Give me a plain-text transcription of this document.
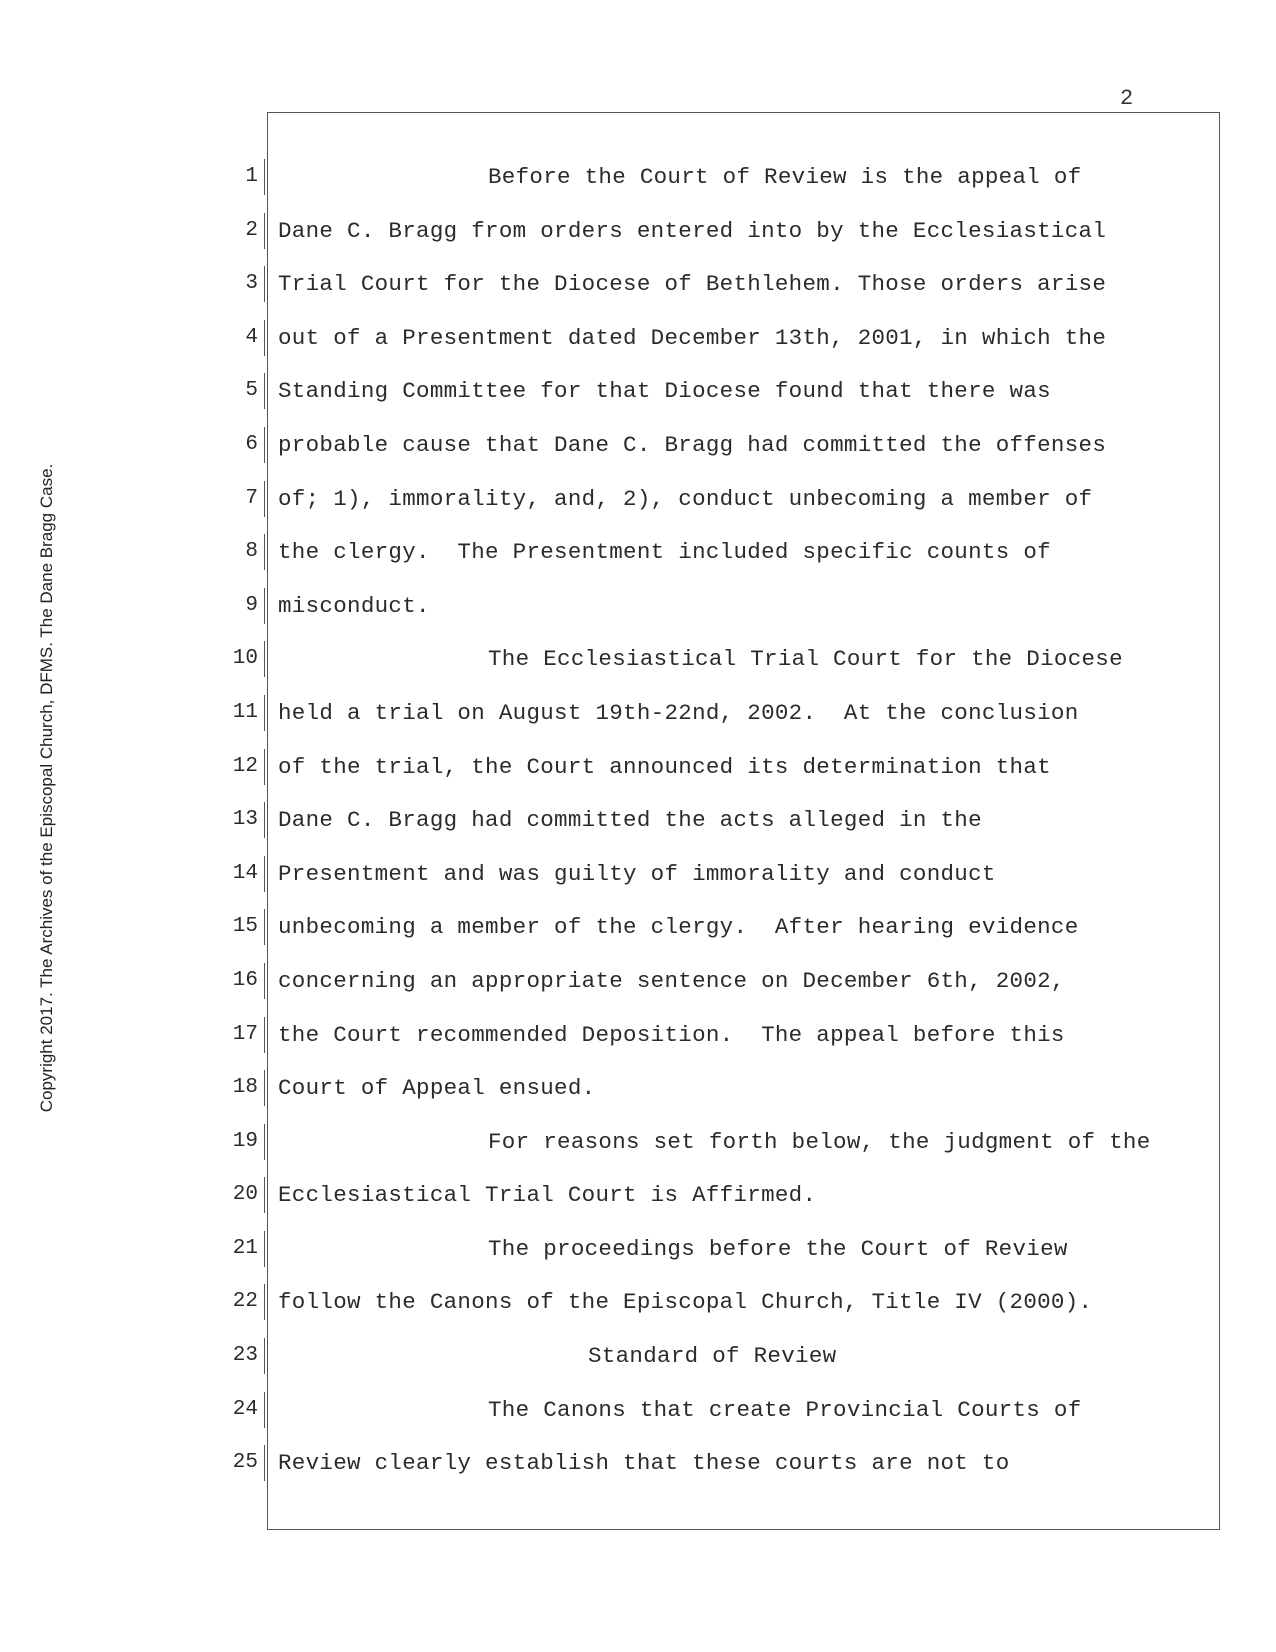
2
Copyright 2017. The Archives of the Episcopal Church, DFMS. The Dane Bragg Case.
1
2
3
4
5
6
7
8
9
10
11
12
13
14
15
16
17
18
19
20
21
22
23
24
25
Before the Court of Review is the appeal of
Dane C. Bragg from orders entered into by the Ecclesiastical
Trial Court for the Diocese of Bethlehem. Those orders arise
out of a Presentment dated December 13th, 2001, in which the
Standing Committee for that Diocese found that there was
probable cause that Dane C. Bragg had committed the offenses
of; 1), immorality, and, 2), conduct unbecoming a member of
the clergy.  The Presentment included specific counts of
misconduct.
The Ecclesiastical Trial Court for the Diocese
held a trial on August 19th-22nd, 2002.  At the conclusion
of the trial, the Court announced its determination that
Dane C. Bragg had committed the acts alleged in the
Presentment and was guilty of immorality and conduct
unbecoming a member of the clergy.  After hearing evidence
concerning an appropriate sentence on December 6th, 2002,
the Court recommended Deposition.  The appeal before this
Court of Appeal ensued.
For reasons set forth below, the judgment of the
Ecclesiastical Trial Court is Affirmed.
The proceedings before the Court of Review
follow the Canons of the Episcopal Church, Title IV (2000).
Standard of Review
The Canons that create Provincial Courts of
Review clearly establish that these courts are not to
